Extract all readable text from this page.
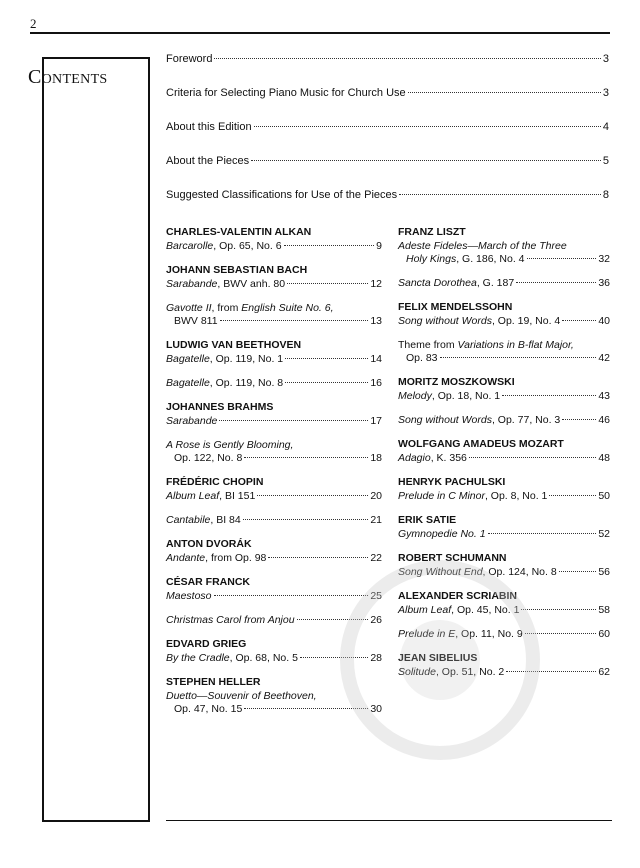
2
Contents
Foreword	3
Criteria for Selecting Piano Music for Church Use	3
About this Edition	4
About the Pieces	5
Suggested Classifications for Use of the Pieces	8
CHARLES-VALENTIN ALKAN
Barcarolle, Op. 65, No. 6	9
JOHANN SEBASTIAN BACH
Sarabande, BWV anh. 80	12
Gavotte II, from English Suite No. 6,
BWV 811	13
LUDWIG VAN BEETHOVEN
Bagatelle, Op. 119, No. 1	14
Bagatelle, Op. 119, No. 8	16
JOHANNES BRAHMS
Sarabande	17
A Rose is Gently Blooming,
Op. 122, No. 8	18
FRÉDÉRIC CHOPIN
Album Leaf, BI 151	20
Cantabile, BI 84	21
ANTON DVORÁK
Andante, from Op. 98	22
CÉSAR FRANCK
Maestoso	25
Christmas Carol from Anjou	26
EDVARD GRIEG
By the Cradle, Op. 68, No. 5	28
STEPHEN HELLER
Duetto—Souvenir of Beethoven,
Op. 47, No. 15	30
FRANZ LISZT
Adeste Fideles—March of the Three
Holy Kings, G. 186, No. 4	32
Sancta Dorothea, G. 187	36
FELIX MENDELSSOHN
Song without Words, Op. 19, No. 4	40
Theme from Variations in B-flat Major,
Op. 83	42
MORITZ MOSZKOWSKI
Melody, Op. 18, No. 1	43
Song without Words, Op. 77, No. 3	46
WOLFGANG AMADEUS MOZART
Adagio, K. 356	48
HENRYK PACHULSKI
Prelude in C Minor, Op. 8, No. 1	50
ERIK SATIE
Gymnopedie No. 1	52
ROBERT SCHUMANN
Song Without End, Op. 124, No. 8	56
ALEXANDER SCRIABIN
Album Leaf, Op. 45, No. 1	58
Prelude in E, Op. 11, No. 9	60
JEAN SIBELIUS
Solitude, Op. 51, No. 2	62
